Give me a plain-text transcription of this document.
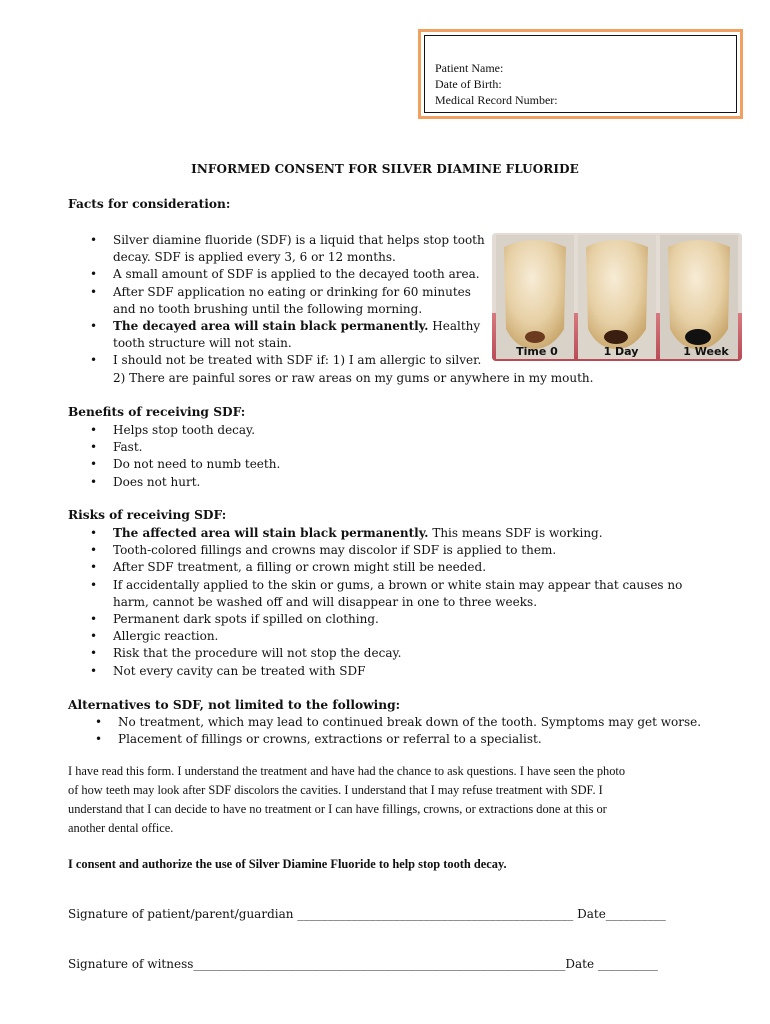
Patient Name:
Date of Birth:
Medical Record Number:
INFORMED CONSENT FOR SILVER DIAMINE FLUORIDE
Facts for consideration:
• Silver diamine fluoride (SDF) is a liquid that helps stop tooth
decay. SDF is applied every 3, 6 or 12 months.
• A small amount of SDF is applied to the decayed tooth area.
• After SDF application no eating or drinking for 60 minutes
and no tooth brushing until the following morning.
• The decayed area will stain black permanently. Healthy
tooth structure will not stain.
• I should not be treated with SDF if: 1) I am allergic to silver.
2) There are painful sores or raw areas on my gums or anywhere in my mouth.
Time 0	1 Day	1 Week
Benefits of receiving SDF:
• Helps stop tooth decay.
• Fast.
• Do not need to numb teeth.
• Does not hurt.
Risks of receiving SDF:
• The affected area will stain black permanently. This means SDF is working.
• Tooth-colored fillings and crowns may discolor if SDF is applied to them.
• After SDF treatment, a filling or crown might still be needed.
• If accidentally applied to the skin or gums, a brown or white stain may appear that causes no
harm, cannot be washed off and will disappear in one to three weeks.
• Permanent dark spots if spilled on clothing.
• Allergic reaction.
• Risk that the procedure will not stop the decay.
• Not every cavity can be treated with SDF
Alternatives to SDF, not limited to the following:
• No treatment, which may lead to continued break down of the tooth. Symptoms may get worse.
• Placement of fillings or crowns, extractions or referral to a specialist.
I have read this form. I understand the treatment and have had the chance to ask questions. I have seen the photo
of how teeth may look after SDF discolors the cavities. I understand that I may refuse treatment with SDF. I
understand that I can decide to have no treatment or I can have fillings, crowns, or extractions done at this or
another dental office.
I consent and authorize the use of Silver Diamine Fluoride to help stop tooth decay.
Signature of patient/parent/guardian ______________________________________________ Date__________
Signature of witness______________________________________________________________Date __________
